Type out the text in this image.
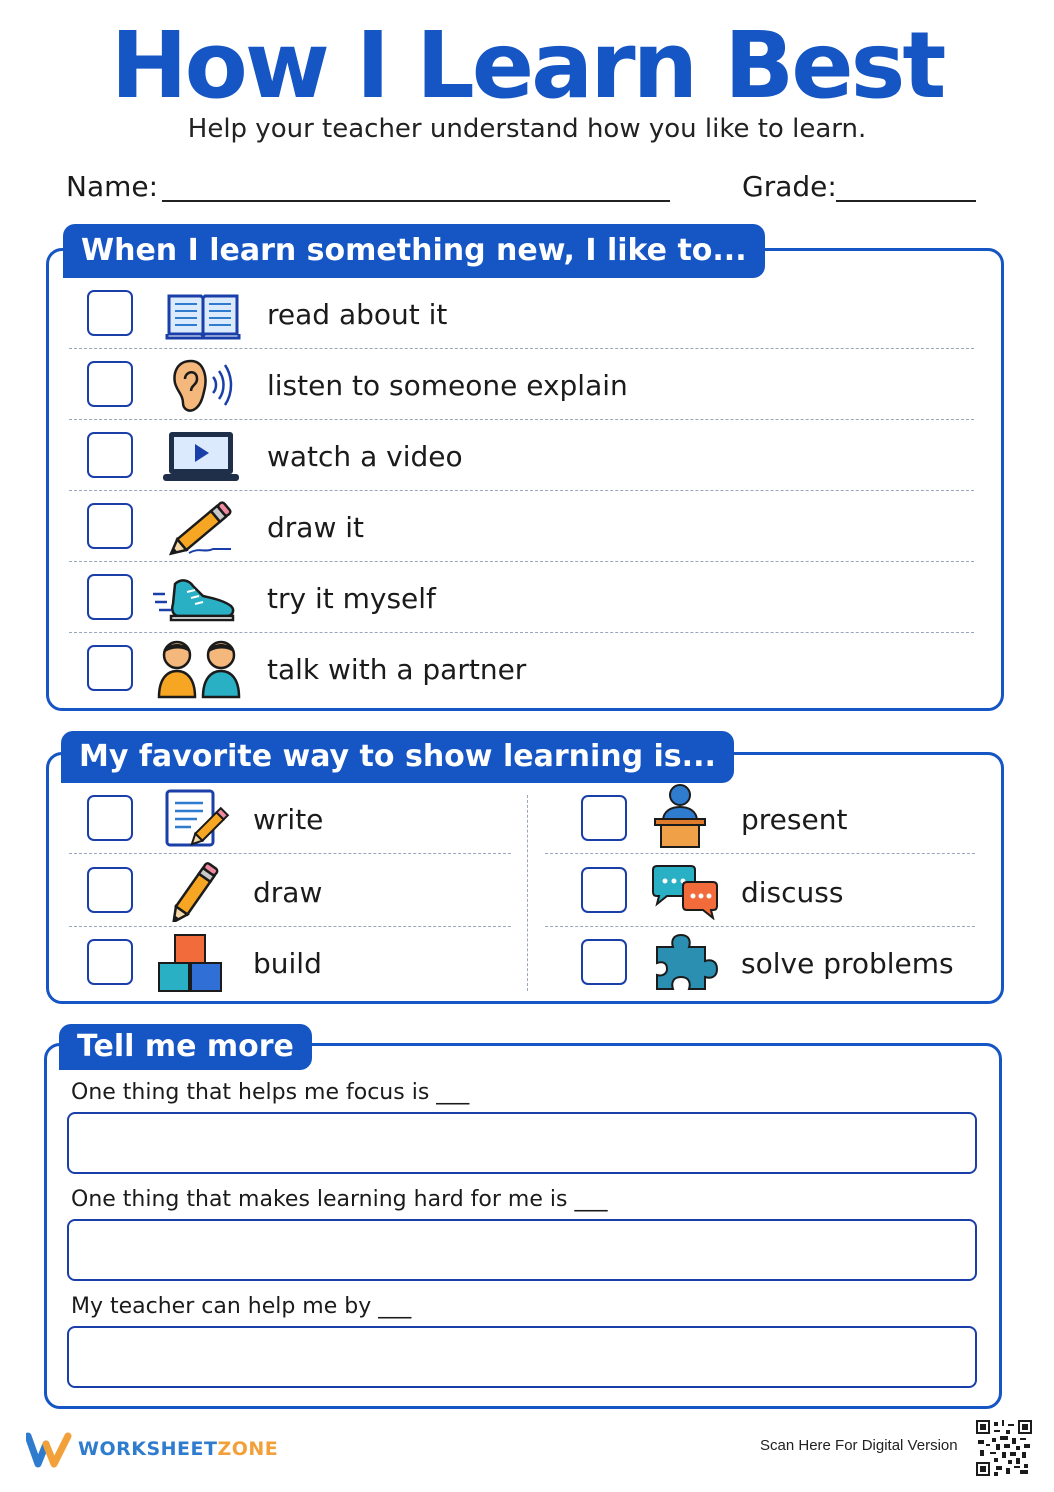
How I Learn Best
Help your teacher understand how you like to learn.
Name:	Grade:
When I learn something new, I like to...
read about it
listen to someone explain
watch a video
draw it
try it myself
talk with a partner
My favorite way to show learning is...
write
draw
build
present
discuss
solve problems
Tell me more
One thing that helps me focus is ___
One thing that makes learning hard for me is ___
My teacher can help me by ___
WORKSHEETZONE	Scan Here For Digital Version
